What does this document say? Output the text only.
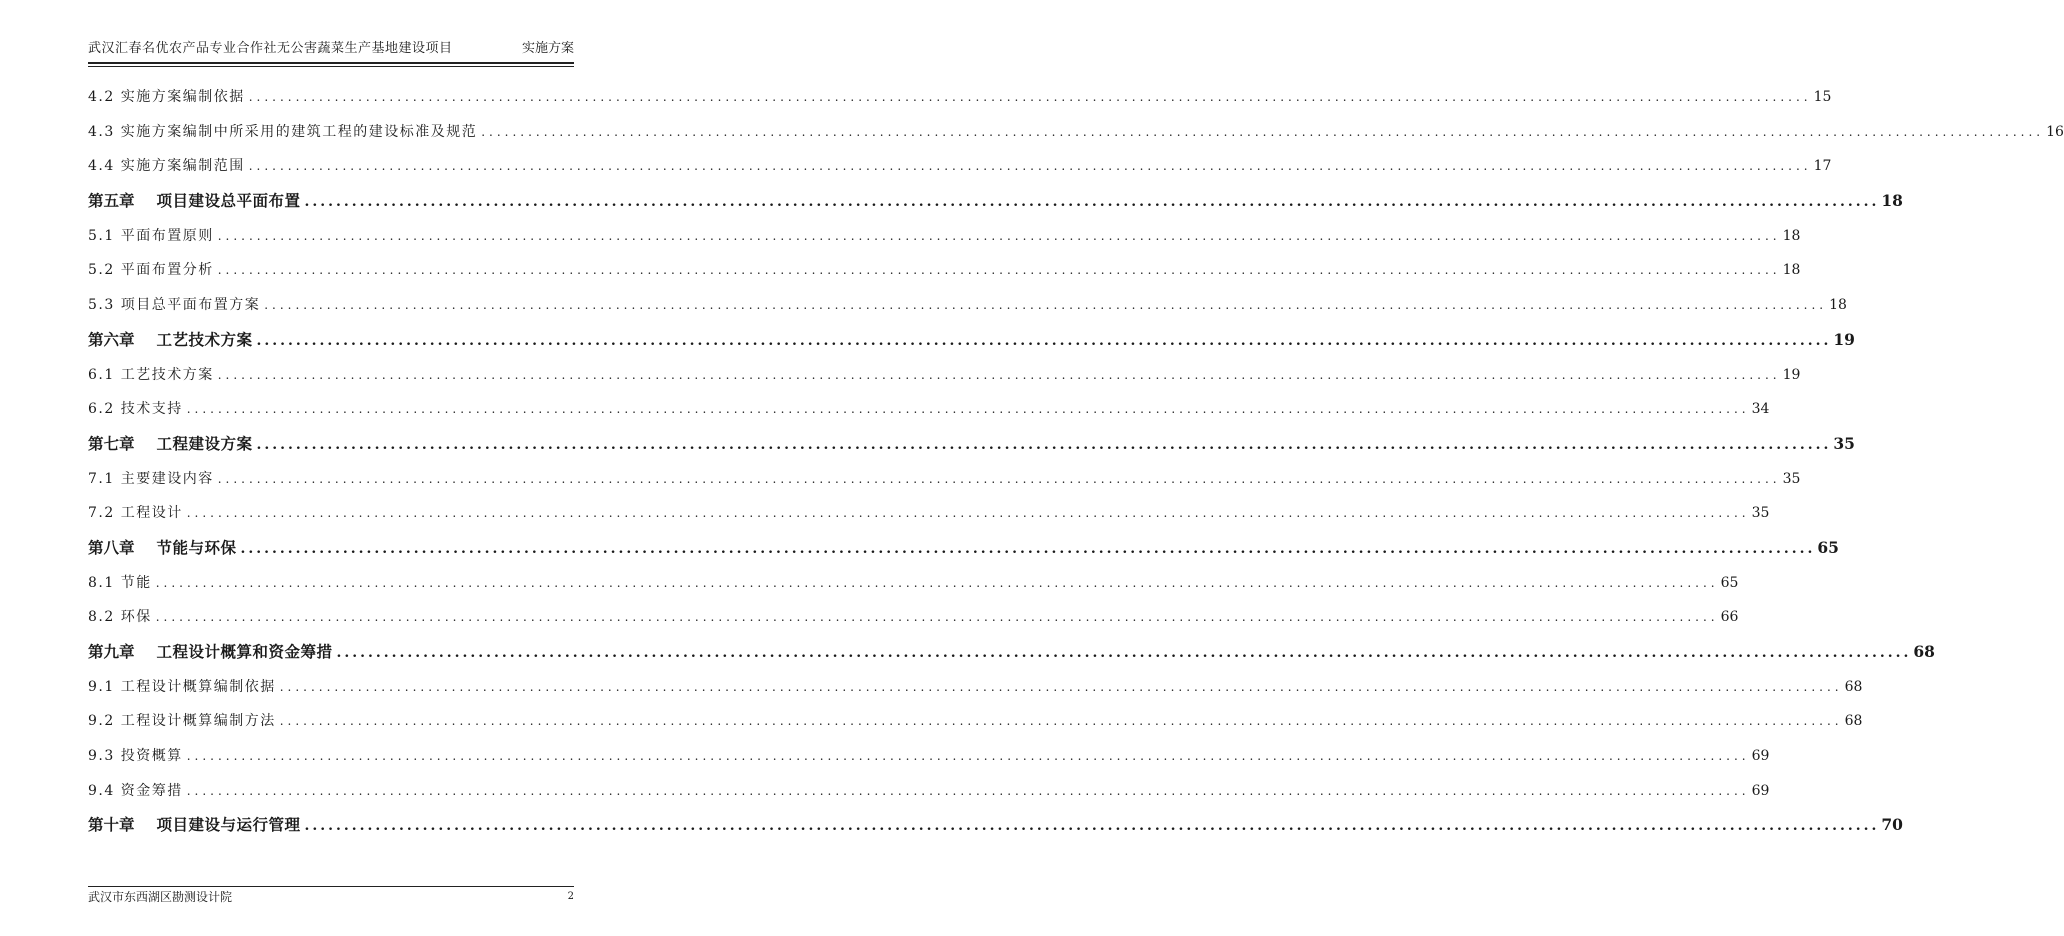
武汉汇春名优农产品专业合作社无公害蔬菜生产基地建设项目	实施方案
4.2 实施方案编制依据 ........................................................................................................................................................................................................ 15
4.3 实施方案编制中所采用的建筑工程的建设标准及规范 ........................................................................................................................................................................................................ 16
4.4 实施方案编制范围 ........................................................................................................................................................................................................ 17
第五章 项目建设总平面布置 ........................................................................................................................................................................................................ 18
5.1 平面布置原则 ........................................................................................................................................................................................................ 18
5.2 平面布置分析 ........................................................................................................................................................................................................ 18
5.3 项目总平面布置方案 ........................................................................................................................................................................................................ 18
第六章 工艺技术方案 ........................................................................................................................................................................................................ 19
6.1 工艺技术方案 ........................................................................................................................................................................................................ 19
6.2 技术支持 ........................................................................................................................................................................................................ 34
第七章 工程建设方案 ........................................................................................................................................................................................................ 35
7.1 主要建设内容 ........................................................................................................................................................................................................ 35
7.2 工程设计 ........................................................................................................................................................................................................ 35
第八章 节能与环保 ........................................................................................................................................................................................................ 65
8.1 节能 ........................................................................................................................................................................................................ 65
8.2 环保 ........................................................................................................................................................................................................ 66
第九章 工程设计概算和资金筹措 ........................................................................................................................................................................................................ 68
9.1 工程设计概算编制依据 ........................................................................................................................................................................................................ 68
9.2 工程设计概算编制方法 ........................................................................................................................................................................................................ 68
9.3 投资概算 ........................................................................................................................................................................................................ 69
9.4 资金筹措 ........................................................................................................................................................................................................ 69
第十章 项目建设与运行管理 ........................................................................................................................................................................................................ 70
武汉市东西湖区勘测设计院	2
